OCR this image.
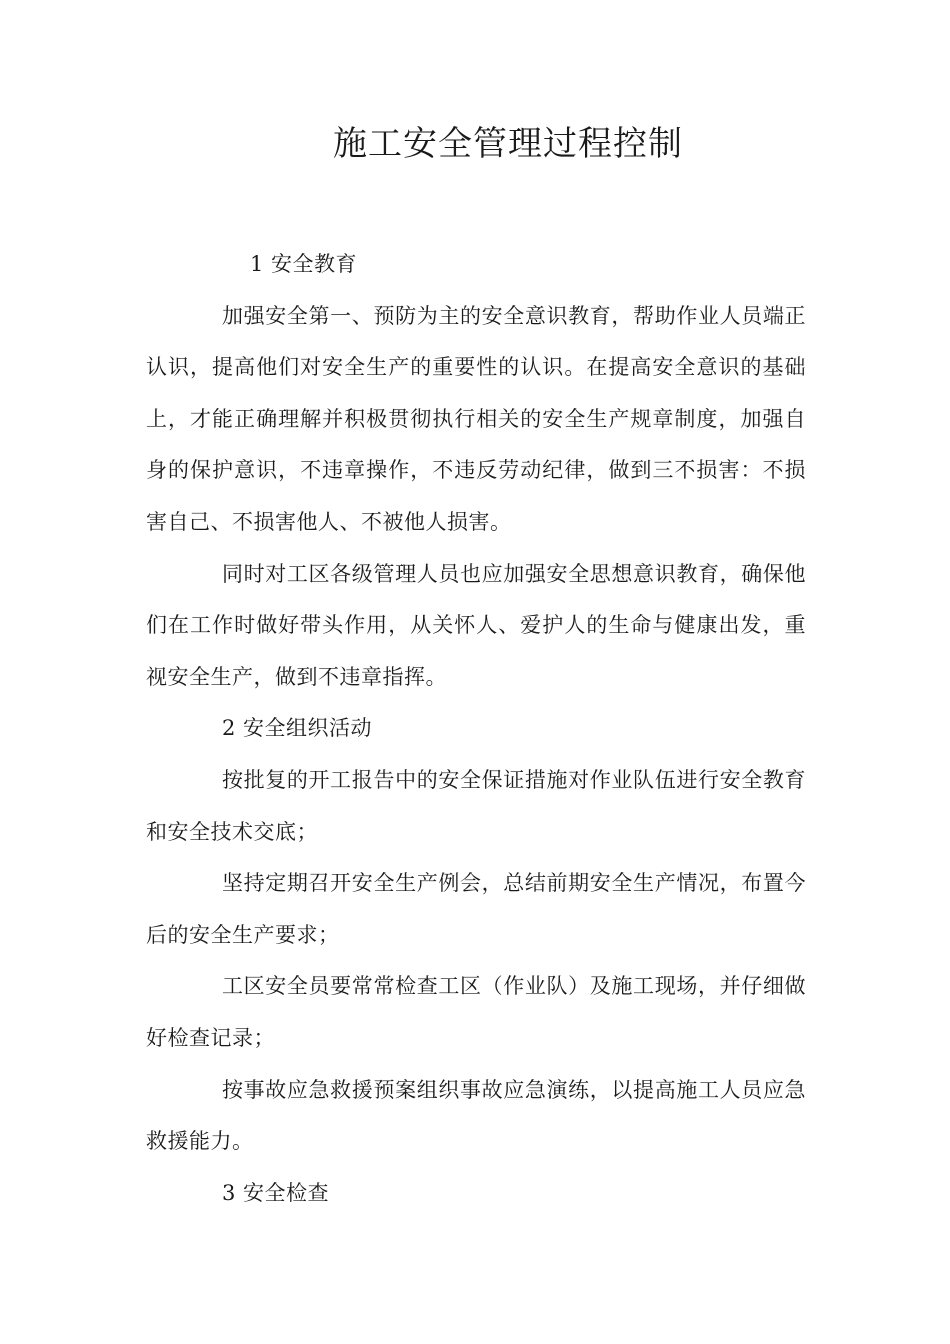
施工安全管理过程控制
1 安全教育

加强安全第一、预防为主的安全意识教育，帮助作业人员端正认识，提高他们对安全生产的重要性的认识。在提高安全意识的基础上，才能正确理解并积极贯彻执行相关的安全生产规章制度，加强自身的保护意识，不违章操作，不违反劳动纪律，做到三不损害：不损害自己、不损害他人、不被他人损害。

同时对工区各级管理人员也应加强安全思想意识教育，确保他们在工作时做好带头作用，从关怀人、爱护人的生命与健康出发，重视安全生产，做到不违章指挥。

2 安全组织活动

按批复的开工报告中的安全保证措施对作业队伍进行安全教育和安全技术交底；

坚持定期召开安全生产例会，总结前期安全生产情况，布置今后的安全生产要求；

工区安全员要常常检查工区（作业队）及施工现场，并仔细做好检查记录；

按事故应急救援预案组织事故应急演练，以提高施工人员应急救援能力。

3 安全检查
